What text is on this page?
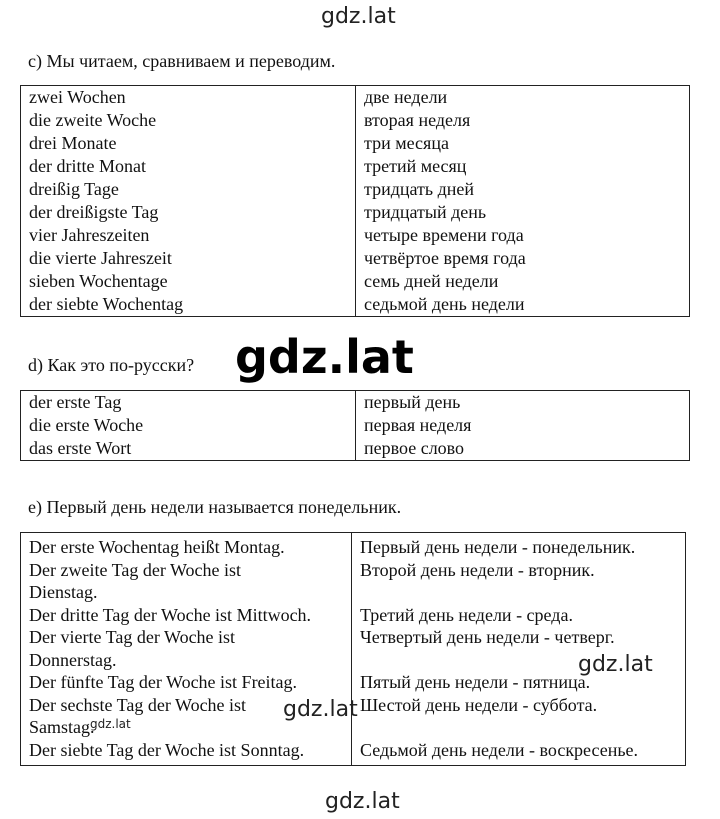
gdz.lat
c) Мы читаем, сравниваем и переводим.
zwei Wochen	две недели
die zweite Woche	вторая неделя
drei Monate	три месяца
der dritte Monat	третий месяц
dreißig Tage	тридцать дней
der dreißigste Tag	тридцатый день
vier Jahreszeiten	четыре времени года
die vierte Jahreszeit	четвёртое время года
sieben Wochentage	семь дней недели
der siebte Wochentag	седьмой день недели
d) Как это по-русски? gdz.lat
der erste Tag	первый день
die erste Woche	первая неделя
das erste Wort	первое слово
e) Первый день недели называется понедельник.
Der erste Wochentag heißt Montag.	Первый день недели - понедельник.

Der zweite Tag der Woche ist
Dienstag.	Второй день недели - вторник.

Der dritte Tag der Woche ist Mittwoch.	Третий день недели - среда.

Der vierte Tag der Woche ist
Donnerstag.	Четвертый день недели - четверг.

Der fünfte Tag der Woche ist Freitag.	Пятый день недели - пятница.

Der sechste Tag der Woche ist
Samstag.	Шестой день недели - суббота.

Der siebte Tag der Woche ist Sonntag.	Седьмой день недели - воскресенье.
gdz.lat
gdz.lat
gdz.lat
gdz.lat
